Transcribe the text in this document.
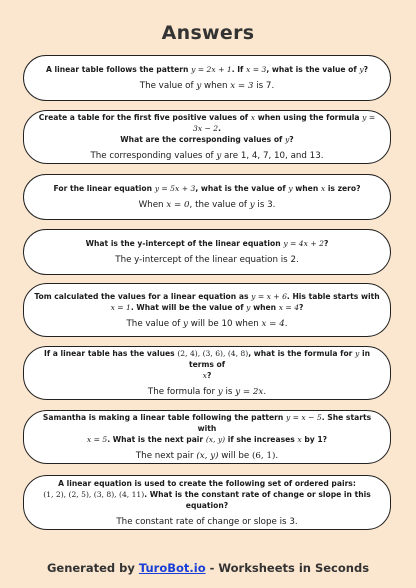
Answers
A linear table follows the pattern y = 2x + 1. If x = 3, what is the value of y?
The value of y when x = 3 is 7.
Create a table for the first five positive values of x when using the formula y = 3x − 2.
What are the corresponding values of y?
The corresponding values of y are 1, 4, 7, 10, and 13.
For the linear equation y = 5x + 3, what is the value of y when x is zero?
When x = 0, the value of y is 3.
What is the y-intercept of the linear equation y = 4x + 2?
The y-intercept of the linear equation is 2.
Tom calculated the values for a linear equation as y = x + 6. His table starts with
x = 1. What will be the value of y when x = 4?
The value of y will be 10 when x = 4.
If a linear table has the values (2, 4), (3, 6), (4, 8), what is the formula for y in terms of
x?
The formula for y is y = 2x.
Samantha is making a linear table following the pattern y = x − 5. She starts with
x = 5. What is the next pair (x, y) if she increases x by 1?
The next pair (x, y) will be (6, 1).
A linear equation is used to create the following set of ordered pairs:
(1, 2), (2, 5), (3, 8), (4, 11). What is the constant rate of change or slope in this equation?
The constant rate of change or slope is 3.
Generated by TuroBot.io - Worksheets in Seconds
